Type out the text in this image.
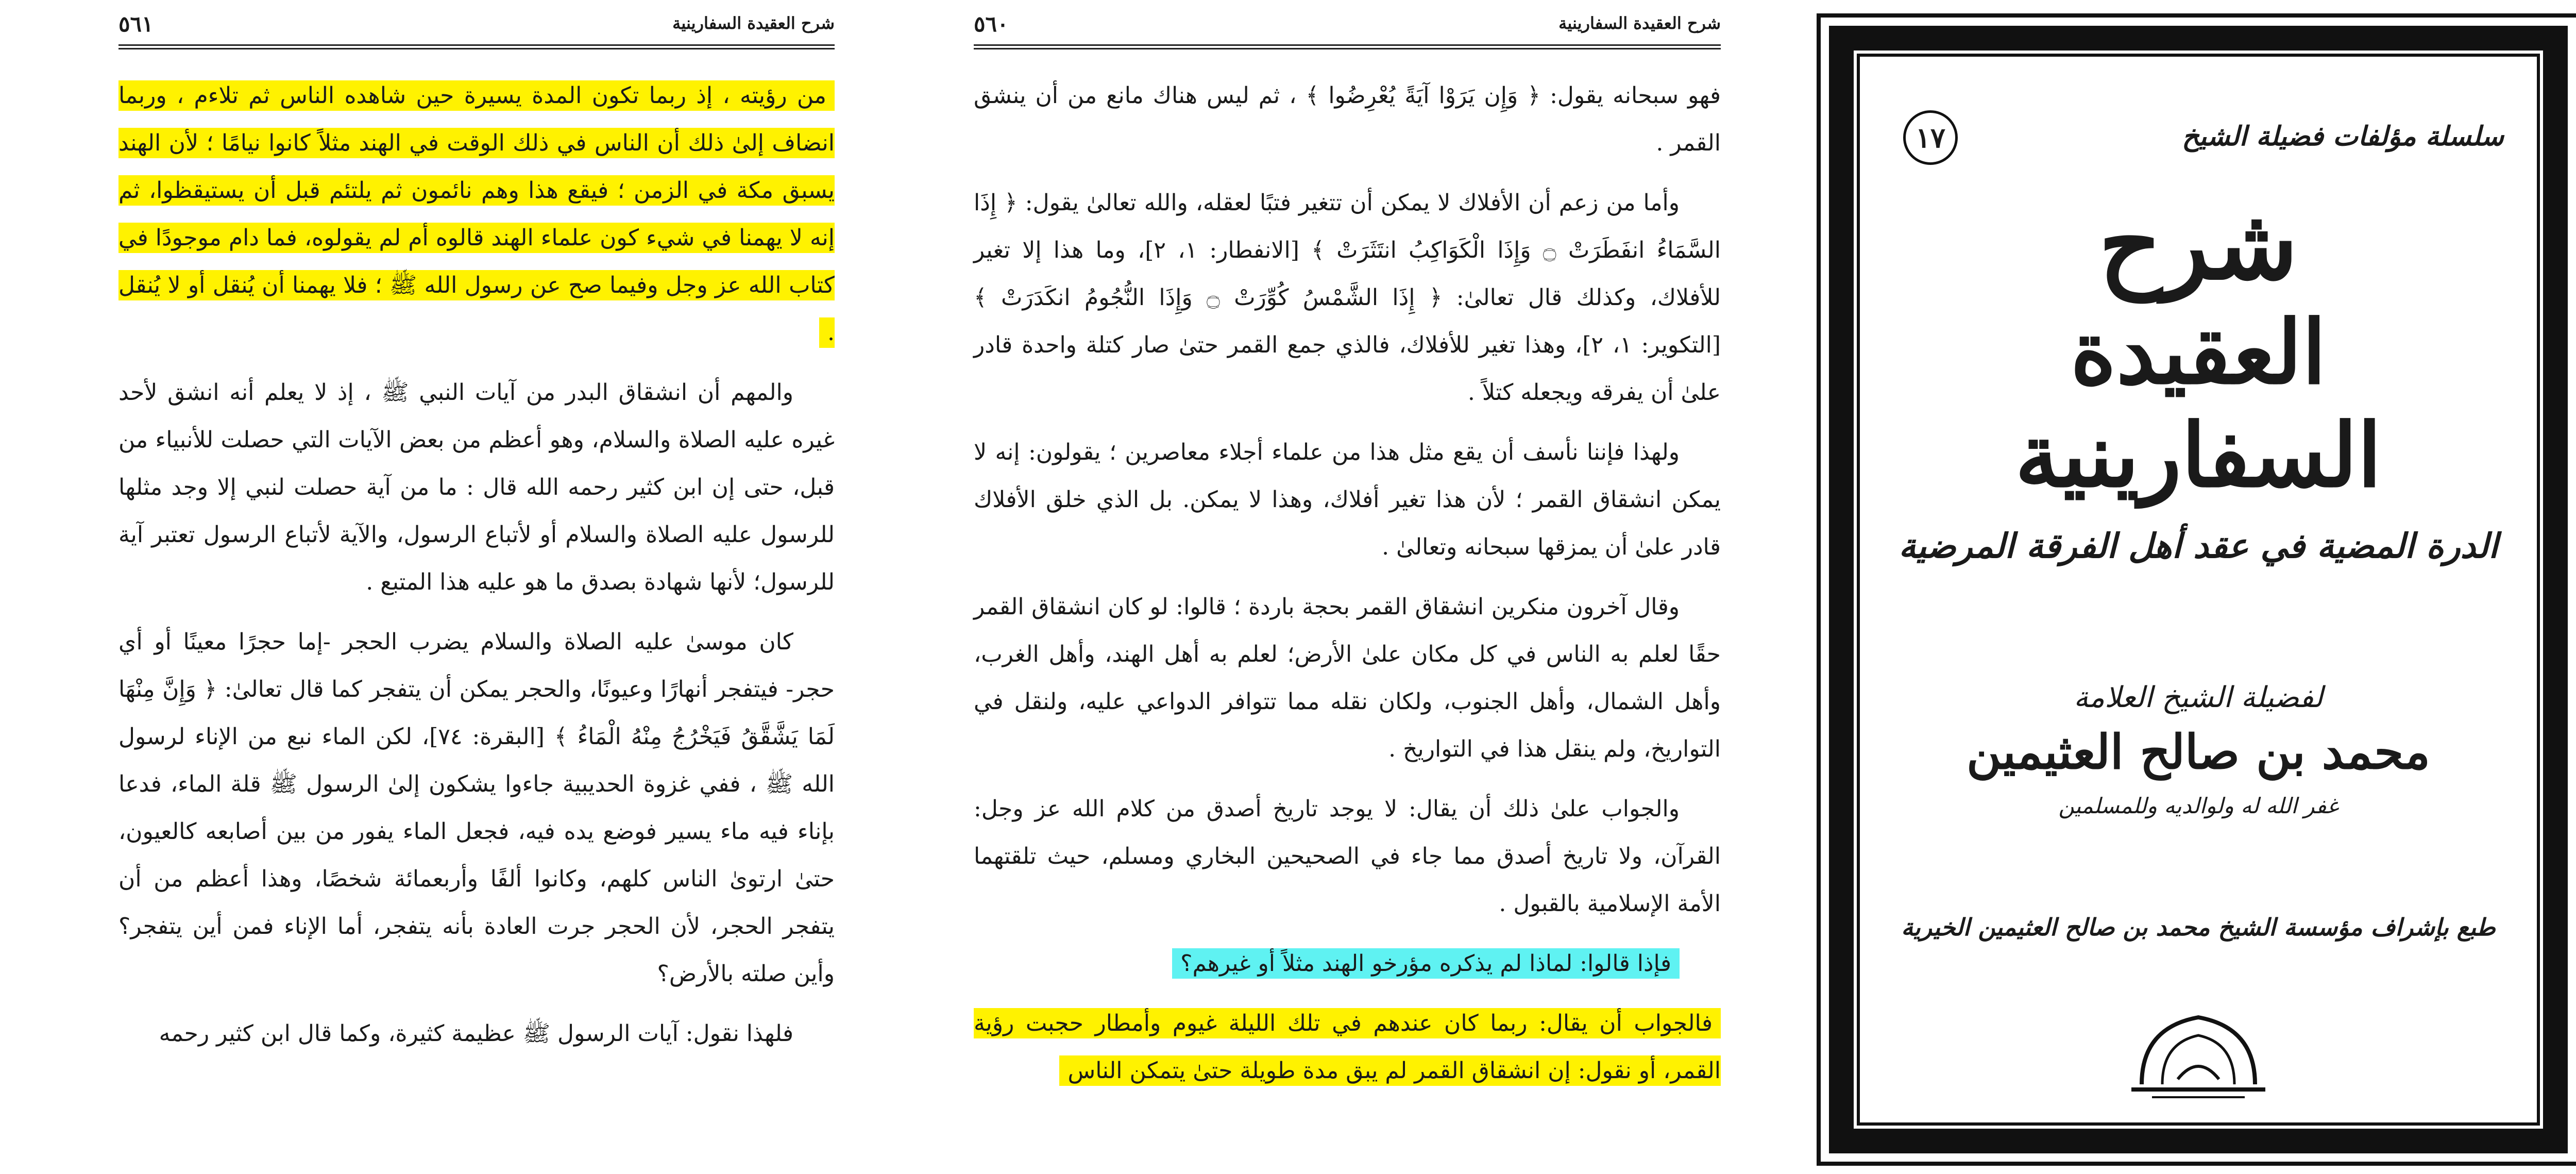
شرح العقيدة السفارينية
٥٦١

من رؤيته ، إذ ربما تكون المدة يسيرة حين شاهده الناس ثم تلاءم ، وربما انضاف إلىٰ ذلك أن الناس في ذلك الوقت في الهند مثلاً كانوا نيامًا ؛ لأن الهند يسبق مكة في الزمن ؛ فيقع هذا وهم نائمون ثم يلتئم قبل أن يستيقظوا، ثم إنه لا يهمنا في شيء كون علماء الهند قالوه أم لم يقولوه، فما دام موجودًا في كتاب الله عز وجل وفيما صح عن رسول الله ﷺ ؛ فلا يهمنا أن يُنقل أو لا يُنقل .

والمهم أن انشقاق البدر من آيات النبي ﷺ ، إذ لا يعلم أنه انشق لأحد غيره عليه الصلاة والسلام، وهو أعظم من بعض الآيات التي حصلت للأنبياء من قبل، حتى إن ابن كثير رحمه الله قال : ما من آية حصلت لنبي إلا وجد مثلها للرسول عليه الصلاة والسلام أو لأتباع الرسول، والآية لأتباع الرسول تعتبر آية للرسول؛ لأنها شهادة بصدق ما هو عليه هذا المتبع .

كان موسىٰ عليه الصلاة والسلام يضرب الحجر -إما حجرًا معينًا أو أي حجر- فيتفجر أنهارًا وعيونًا، والحجر يمكن أن يتفجر كما قال تعالىٰ: ﴿ وَإِنَّ مِنْهَا لَمَا يَشَّقَّقُ فَيَخْرُجُ مِنْهُ الْمَاءُ ﴾ [البقرة: ٧٤]، لكن الماء نبع من الإناء لرسول الله ﷺ ، ففي غزوة الحديبية جاءوا يشكون إلىٰ الرسول ﷺ قلة الماء، فدعا بإناء فيه ماء يسير فوضع يده فيه، فجعل الماء يفور من بين أصابعه كالعيون، حتىٰ ارتوىٰ الناس كلهم، وكانوا ألفًا وأربعمائة شخصًا، وهذا أعظم من أن يتفجر الحجر، لأن الحجر جرت العادة بأنه يتفجر، أما الإناء فمن أين يتفجر؟ وأين صلته بالأرض؟

فلهذا نقول: آيات الرسول ﷺ عظيمة كثيرة، وكما قال ابن كثير رحمه

شرح العقيدة السفارينية
٥٦٠

فهو سبحانه يقول: ﴿ وَإِن يَرَوْا آيَةً يُعْرِضُوا ﴾ ، ثم ليس هناك مانع من أن ينشق القمر .

وأما من زعم أن الأفلاك لا يمكن أن تتغير فتبًا لعقله، والله تعالىٰ يقول: ﴿ إِذَا السَّمَاءُ انفَطَرَتْ ۝ وَإِذَا الْكَوَاكِبُ انتَثَرَتْ ﴾ [الانفطار: ١، ٢]، وما هذا إلا تغير للأفلاك، وكذلك قال تعالىٰ: ﴿ إِذَا الشَّمْسُ كُوِّرَتْ ۝ وَإِذَا النُّجُومُ انكَدَرَتْ ﴾ [التكوير: ١، ٢]، وهذا تغير للأفلاك، فالذي جمع القمر حتىٰ صار كتلة واحدة قادر علىٰ أن يفرقه ويجعله كتلاً .

ولهذا فإننا نأسف أن يقع مثل هذا من علماء أجلاء معاصرين ؛ يقولون: إنه لا يمكن انشقاق القمر ؛ لأن هذا تغير أفلاك، وهذا لا يمكن. بل الذي خلق الأفلاك قادر علىٰ أن يمزقها سبحانه وتعالىٰ .

وقال آخرون منكرين انشقاق القمر بحجة باردة ؛ قالوا: لو كان انشقاق القمر حقًا لعلم به الناس في كل مكان علىٰ الأرض؛ لعلم به أهل الهند، وأهل الغرب، وأهل الشمال، وأهل الجنوب، ولكان نقله مما تتوافر الدواعي عليه، ولنقل في التواريخ، ولم ينقل هذا في التواريخ .

والجواب علىٰ ذلك أن يقال: لا يوجد تاريخ أصدق من كلام الله عز وجل: القرآن، ولا تاريخ أصدق مما جاء في الصحيحين البخاري ومسلم، حيث تلقتهما الأمة الإسلامية بالقبول .

فإذا قالوا: لماذا لم يذكره مؤرخو الهند مثلاً أو غيرهم؟

فالجواب أن يقال: ربما كان عندهم في تلك الليلة غيوم وأمطار حجبت رؤية القمر، أو نقول: إن انشقاق القمر لم يبق مدة طويلة حتىٰ يتمكن الناس

سلسلة مؤلفات فضيلة الشيخ
١٧
شرح
العقيدة السفارينية
الدرة المضية في عقد أهل الفرقة المرضية
لفضيلة الشيخ العلامة
محمد بن صالح العثيمين
غفر الله له ولوالديه وللمسلمين
طبع بإشراف مؤسسة الشيخ محمد بن صالح العثيمين الخيرية
